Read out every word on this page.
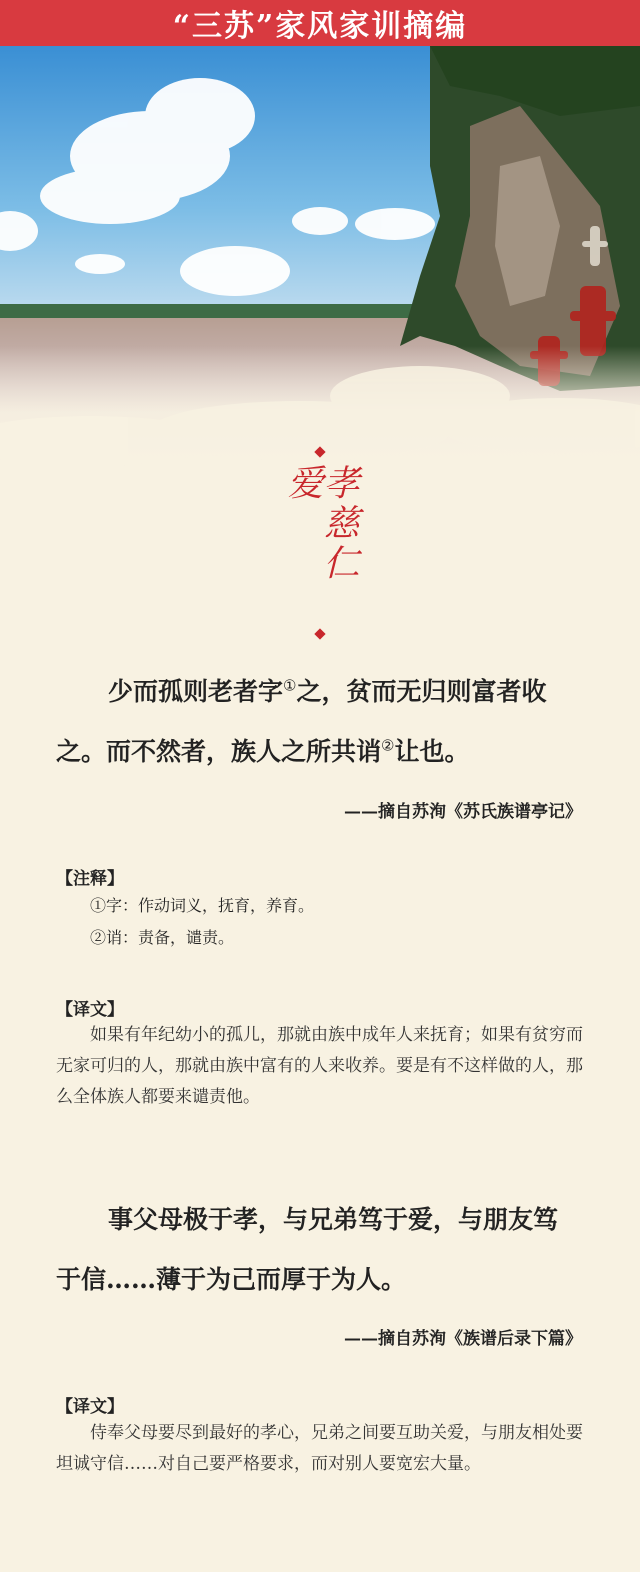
“三苏”家风家训摘编
孝慈仁爱
少而孤则老者字①之，贫而无归则富者收
之。而不然者，族人之所共诮②让也。
——摘自苏洵《苏氏族谱亭记》
【注释】
①字：作动词义，抚育，养育。
②诮：责备，谴责。
【译文】
如果有年纪幼小的孤儿，那就由族中成年人来抚育；如果有贫穷而无家可归的人，那就由族中富有的人来收养。要是有不这样做的人，那么全体族人都要来谴责他。
事父母极于孝，与兄弟笃于爱，与朋友笃
于信……薄于为己而厚于为人。
——摘自苏洵《族谱后录下篇》
【译文】
侍奉父母要尽到最好的孝心，兄弟之间要互助关爱，与朋友相处要坦诚守信……对自己要严格要求，而对别人要宽宏大量。
